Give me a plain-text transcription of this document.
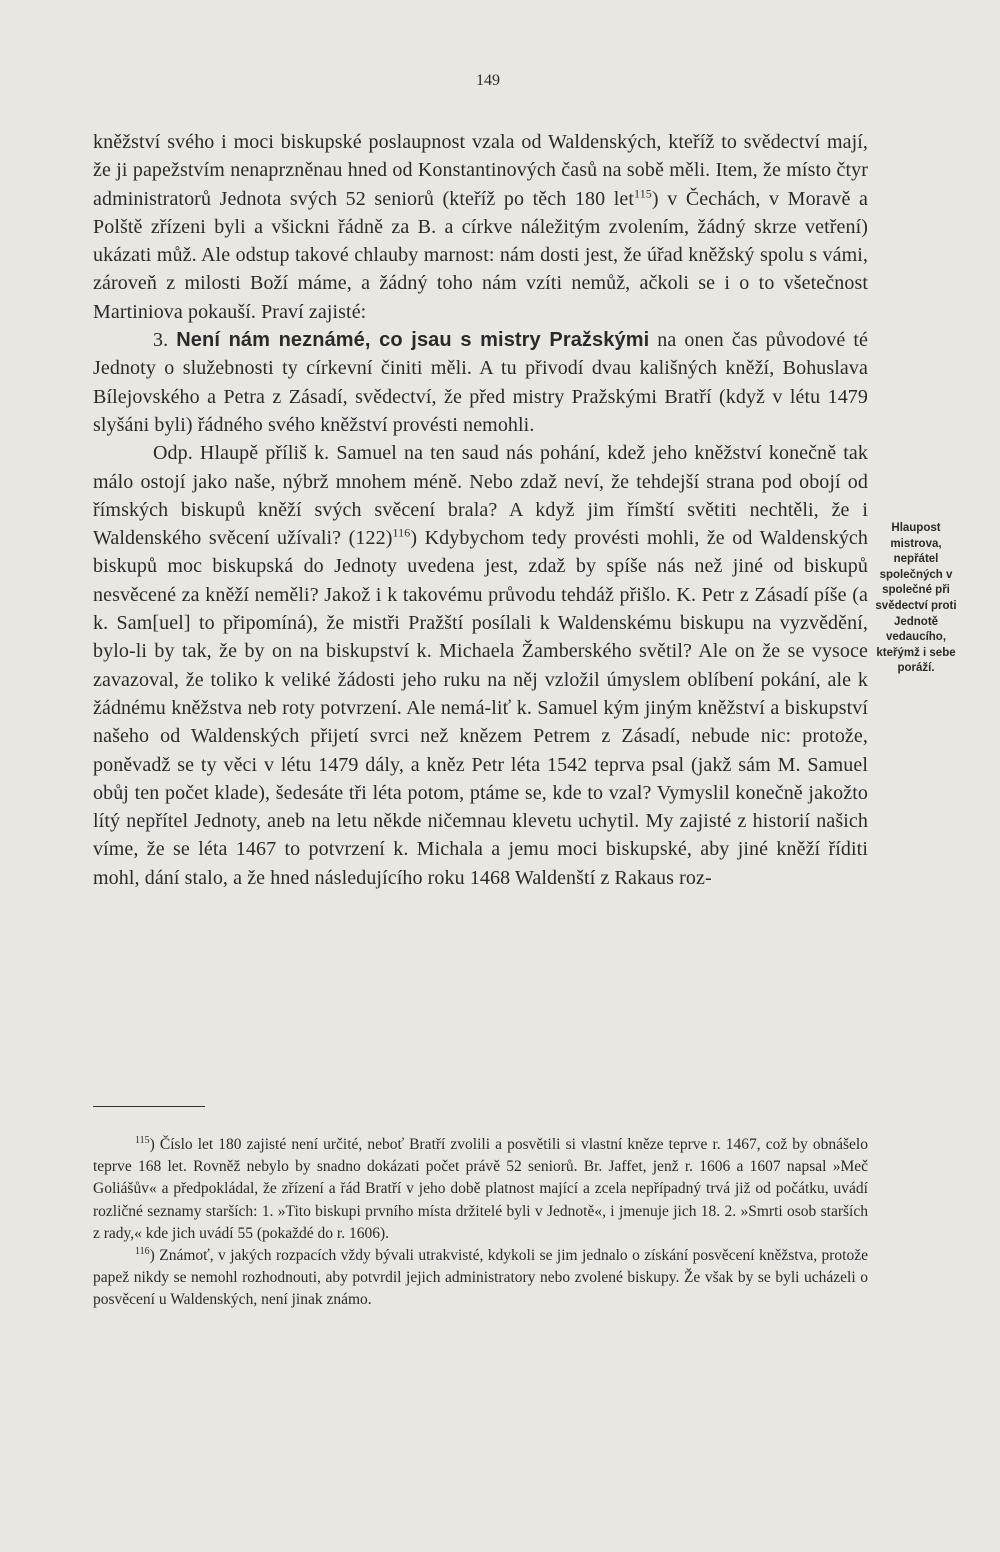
149

kněžství svého i moci biskupské poslaupnost vzala od Waldenských, kteříž to svědectví mají, že ji papežstvím nenaprzněnau hned od Konstantinových časů na sobě měli. Item, že místo čtyr administratorů Jednota svých 52 seniorů (kteříž po těch 180 let$^{115}$) v Čechách, v Moravě a Polště zřízeni byli a všickni řádně za B. a církve náležitým zvolením, žádný skrze vetření) ukázati můž. Ale odstup takové chlauby marnost: nám dosti jest, že úřad kněžský spolu s vámi, zároveň z milosti Boží máme, a žádný toho nám vzíti nemůž, ačkoli se i o to všetečnost Martiniova pokauší. Praví zajisté:

3. Není nám neznámé, co jsau s mistry Pražskými na onen čas původové té Jednoty o služebnosti ty církevní činiti měli. A tu přivodí dvau kališných kněží, Bohuslava Bílejovského a Petra z Zásadí, svědectví, že před mistry Pražskými Bratří (když v létu 1479 slyšáni byli) řádného svého kněžství provésti nemohli.

Odp. Hlaupě příliš k. Samuel na ten saud nás pohání, kdež jeho kněžství konečně tak málo ostojí jako naše, nýbrž mnohem méně. Nebo zdaž neví, že tehdejší strana pod obojí od římských biskupů kněží svých svěcení brala? A když jim římští světiti nechtěli, že i Waldenského svěcení užívali? $(122)^{116}$) Kdybychom tedy provésti mohli, že od Waldenských biskupů moc biskupská do Jednoty uvedena jest, zdaž by spíše nás než jiné od biskupů nesvěcené za kněží neměli? Jakož i k takovému průvodu tehdáž přišlo. K. Petr z Zásadí píše (a k. Sam[uel] to připomíná), že mistři Pražští posílali k Waldenskému biskupu na vyzvědění, bylo-li by tak, že by on na biskupství k. Michaela Žamberského světil? Ale on že se vysoce zavazoval, že toliko k veliké žádosti jeho ruku na něj vzložil úmyslem oblíbení pokání, ale k žádnému kněžstva neb roty potvrzení. Ale nemá-liť k. Samuel kým jiným kněžství a biskupství našeho od Waldenských přijetí svrci než knězem Petrem z Zásadí, nebude nic: protože, poněvadž se ty věci v létu 1479 dály, a kněz Petr léta 1542 teprva psal (jakž sám M. Samuel obůj ten počet klade), šedesáte tři léta potom, ptáme se, kde to vzal? Vymyslil konečně jakožto lítý nepřítel Jednoty, aneb na letu někde ničemnau klevetu uchytil. My zajisté z historií našich víme, že se léta 1467 to potvrzení k. Michala a jemu moci biskupské, aby jiné kněží říditi mohl, dání stalo, a že hned následujícího roku 1468 Waldenští z Rakaus roz-

Hlaupost mistrova, nepřátel společných v společné při svědectví proti Jednotě vedaucího, kteřýmž i sebe poráží.

$^{115}$) Číslo let 180 zajisté není určité, neboť Bratří zvolili a posvětili si vlastní kněze teprve r. 1467, což by obnášelo teprve 168 let. Rovněž nebylo by snadno dokázati počet právě 52 seniorů. Br. Jaffet, jenž r. 1606 a 1607 napsal »Meč Goliášův« a předpokládal, že zřízení a řád Bratří v jeho době platnost mající a zcela nepřípadný trvá již od počátku, uvádí rozličné seznamy starších: 1. »Tito biskupi prvního místa držitelé byli v Jednotě«, i jmenuje jich 18. 2. »Smrti osob starších z rady,« kde jich uvádí 55 (pokaždé do r. 1606).

$^{116}$) Známoť, v jakých rozpacích vždy bývali utrakvisté, kdykoli se jim jednalo o získání posvěcení kněžstva, protože papež nikdy se nemohl rozhodnouti, aby potvrdil jejich administratory nebo zvolené biskupy. Že však by se byli ucházeli o posvěcení u Waldenských, není jinak známo.
